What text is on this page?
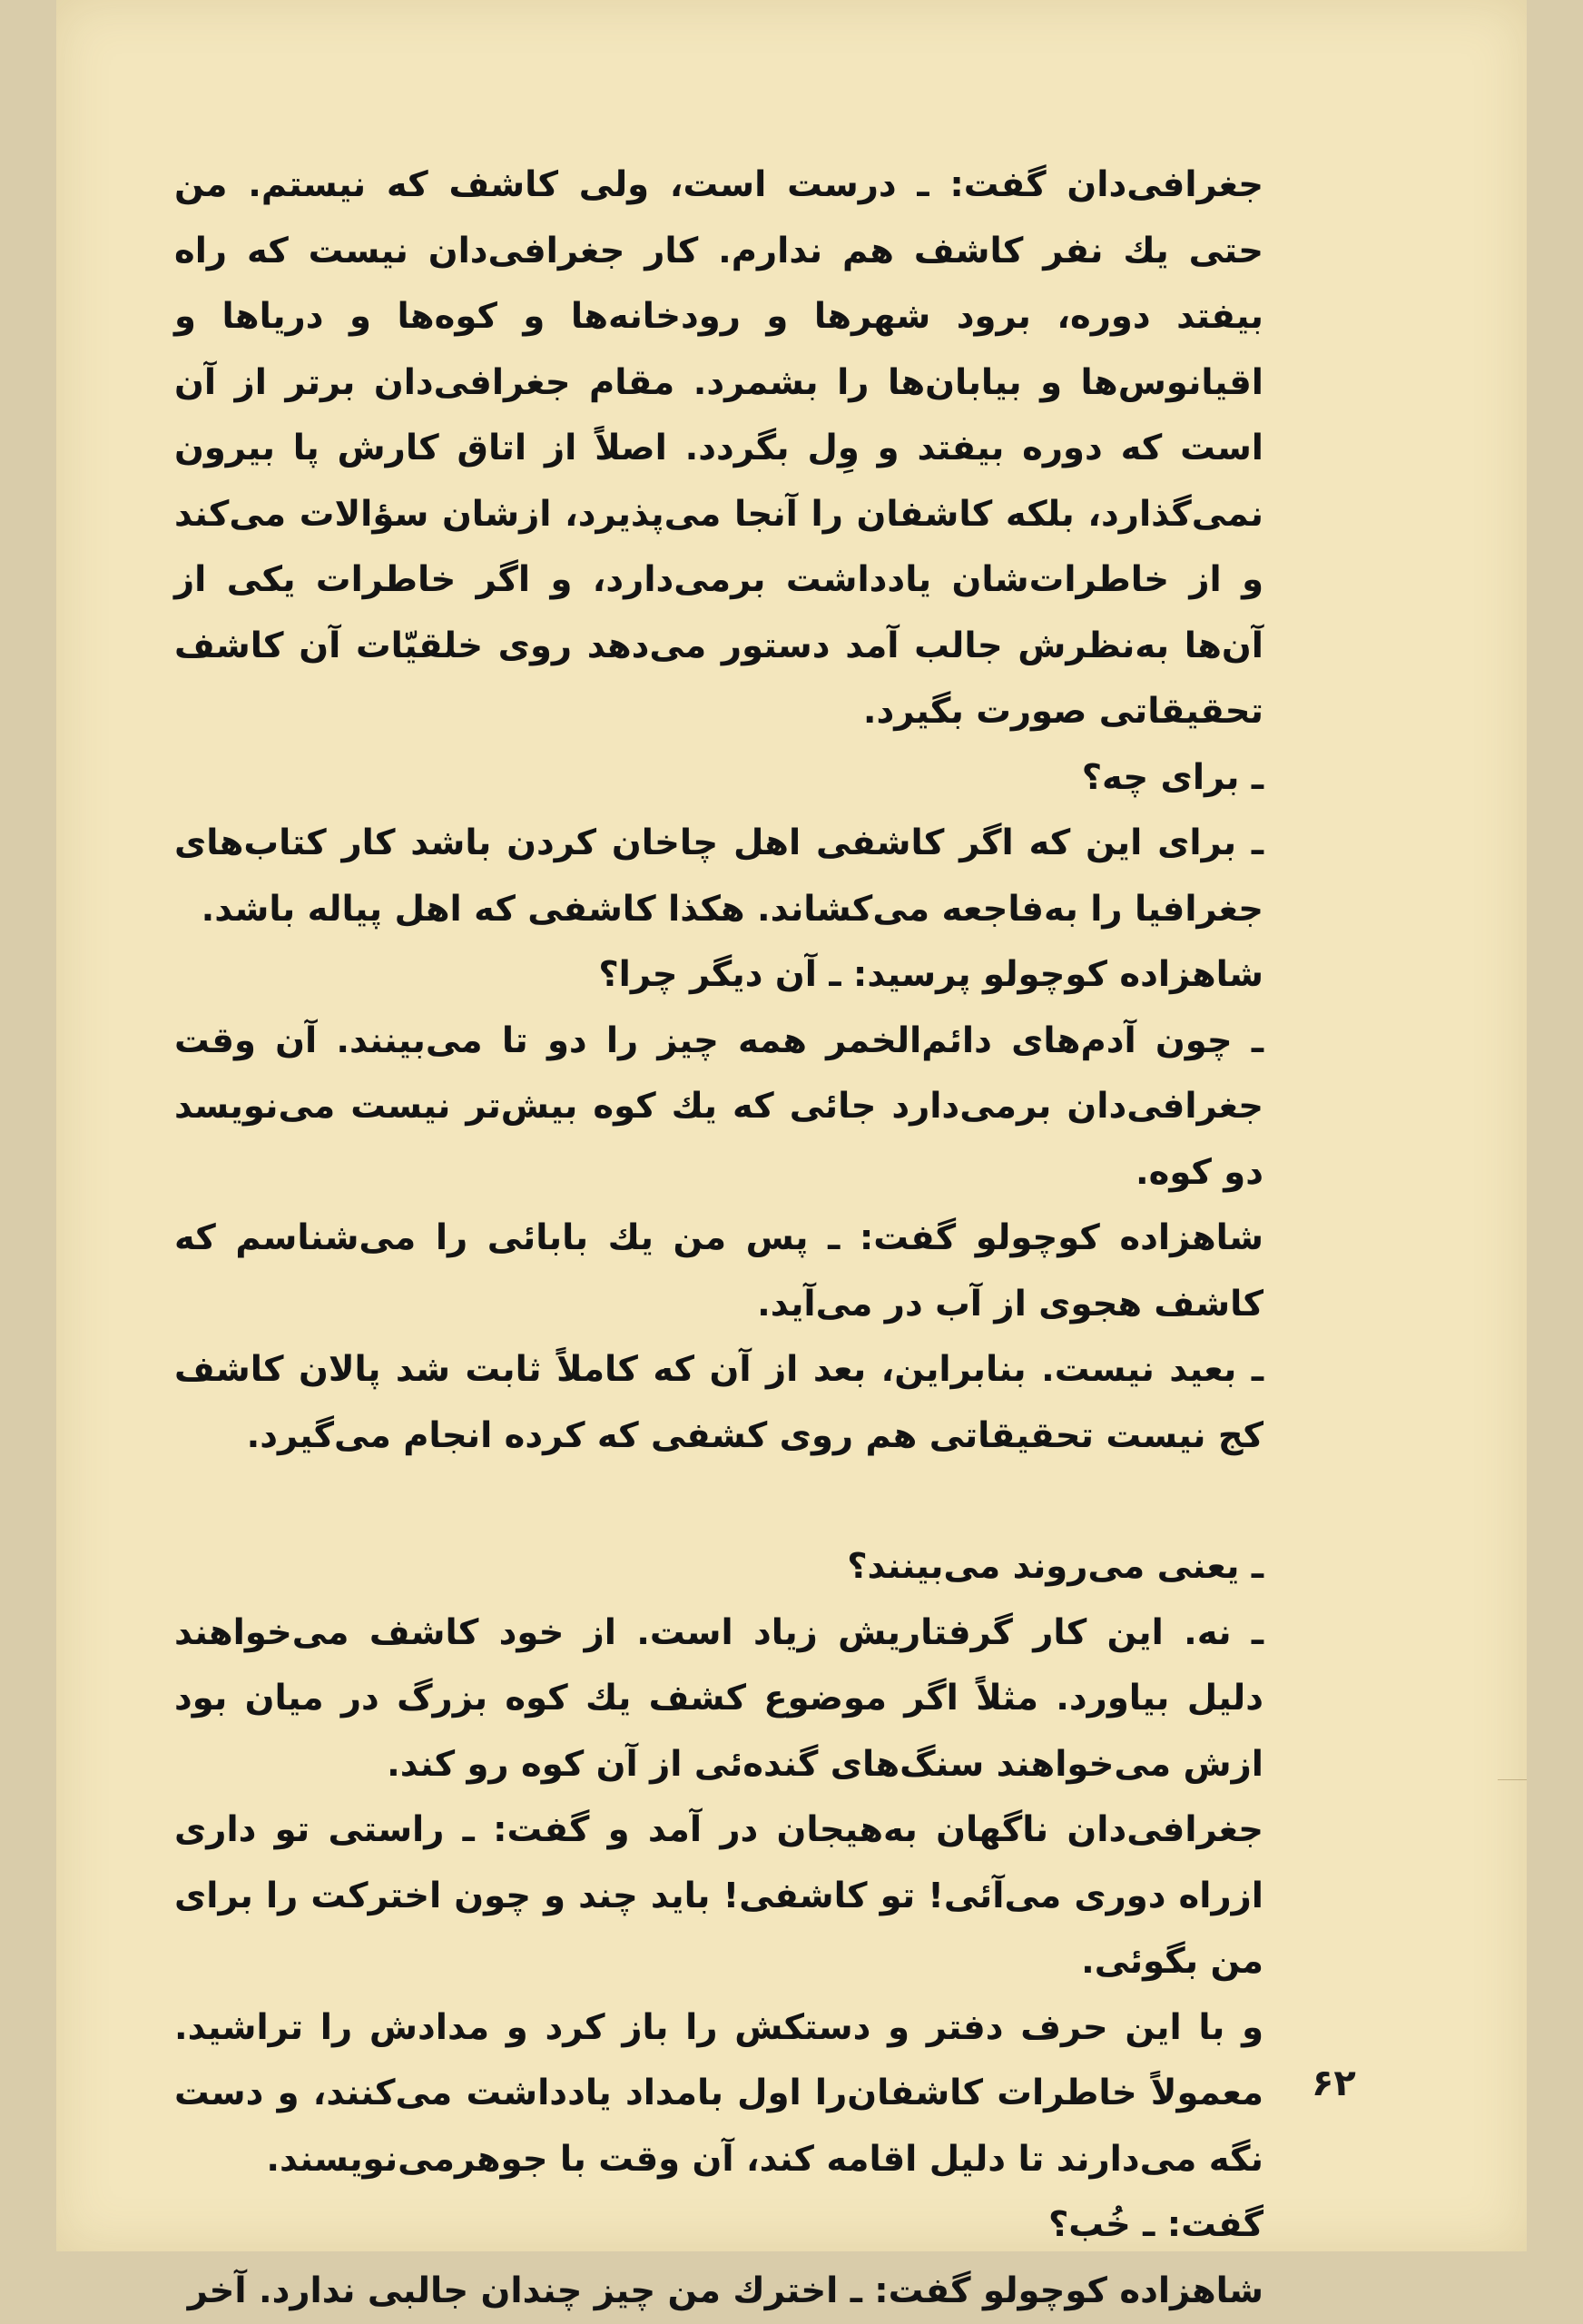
جغرافی‌دان گفت: ـ درست است، ولی کاشف که نیستم. من حتی یك نفر کاشف هم ندارم. کار جغرافی‌دان نیست که راه بیفتد دوره، برود شهرها و رودخانه‌ها و کوه‌ها و دریاها و اقیانوس‌ها و بیابان‌ها را بشمرد. مقام جغرافی‌دان برتر از آن است که دوره بیفتد و وِل بگردد. اصلاً از اتاق کارش پا بیرون نمی‌گذارد، بلکه کاشفان را آنجا می‌پذیرد، ازشان سؤالات می‌کند و از خاطرات‌شان یادداشت برمی‌دارد، و اگر خاطرات یکی از آن‌ها به‌نظرش جالب آمد دستور می‌دهد روی خلقیّات آن کاشف تحقیقاتی صورت بگیرد.

ـ برای چه؟

ـ برای این که اگر کاشفی اهل چاخان کردن باشد کار کتاب‌های جغرافیا را به‌فاجعه می‌کشاند. هکذا کاشفی که اهل پیاله باشد.

شاهزاده کوچولو پرسید: ـ آن دیگر چرا؟

ـ چون آدم‌های دائم‌الخمر همه چیز را دو تا می‌بینند. آن وقت جغرافی‌دان برمی‌دارد جائی که یك کوه بیش‌تر نیست می‌نویسد دو کوه.

شاهزاده کوچولو گفت: ـ پس من یك بابائی را می‌شناسم که کاشف هجوی از آب در می‌آید.

ـ بعید نیست. بنابراین، بعد از آن که کاملاً ثابت شد پالان کاشف کج نیست تحقیقاتی هم روی کشفی که کرده انجام می‌گیرد.

ـ یعنی می‌روند می‌بینند؟

ـ نه. این کار گرفتاریش زیاد است. از خود کاشف می‌خواهند دلیل بیاورد. مثلاً اگر موضوع کشف یك کوه بزرگ در میان بود ازش می‌خواهند سنگ‌های گنده‌ئی از آن کوه رو کند.

جغرافی‌دان ناگهان به‌هیجان در آمد و گفت: ـ راستی تو داری ازراه دوری می‌آئی! تو کاشفی! باید چند و چون اخترکت را برای من بگوئی.

و با این حرف دفتر و دستکش را باز کرد و مدادش را تراشید. معمولاً خاطرات کاشفان‌را اول بامداد یادداشت می‌کنند، و دست نگه می‌دارند تا دلیل اقامه کند، آن وقت با جوهرمی‌نویسند.

گفت: ـ خُب؟

شاهزاده کوچولو گفت: ـ اخترك من چیز چندان جالبی ندارد. آخر

۶۲
